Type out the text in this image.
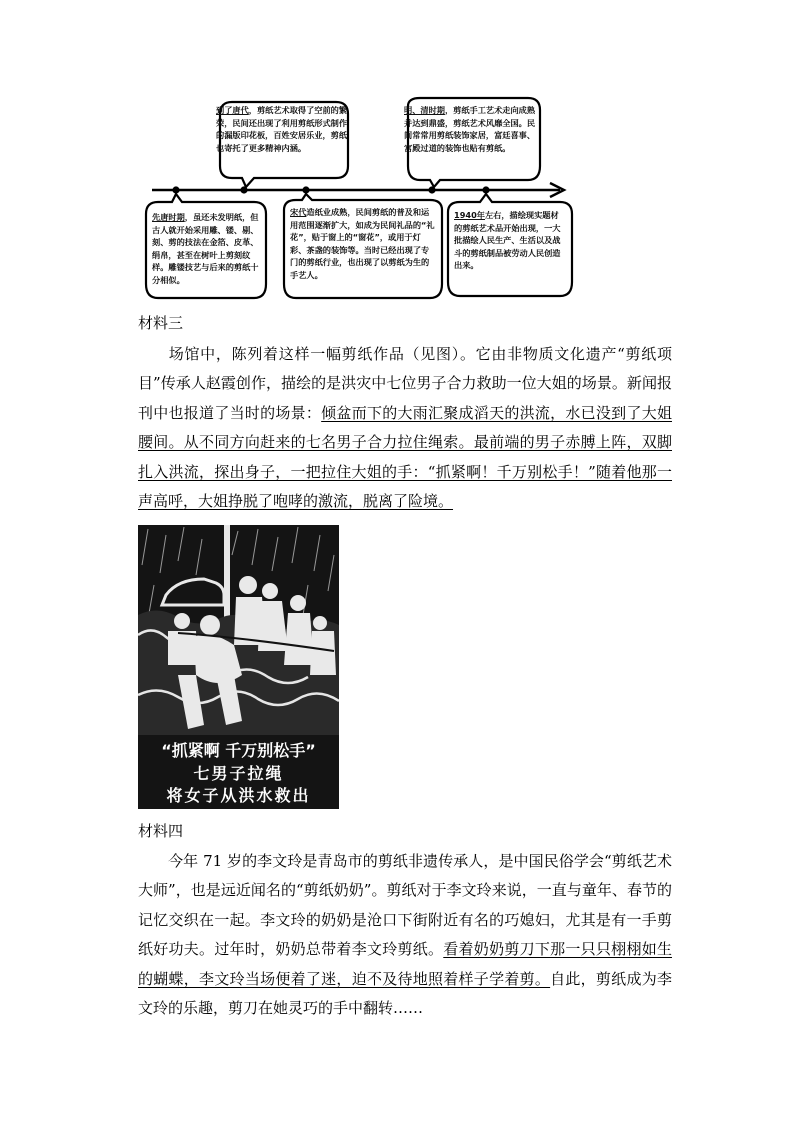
到了唐代，剪纸艺术取得了空前的繁荣，民间还出现了利用剪纸形式制作的漏版印花板，百姓安居乐业，剪纸也寄托了更多精神内涵。
明、清时期，剪纸手工艺术走向成熟并达到鼎盛，剪纸艺术风靡全国。民间常常用剪纸装饰家居，富廷喜事、宫殿过道的装饰也贴有剪纸。
先唐时期，虽还未发明纸，但古人就开始采用雕、镂、剔、刻、剪的技法在金箔、皮革、绢帛，甚至在树叶上剪刻纹样。雕镂技艺与后来的剪纸十分相似。
宋代造纸业成熟，民间剪纸的普及和运用范围逐渐扩大，如成为民间礼品的“礼花”，贴于窗上的“窗花”，或用于灯彩、茶盏的装饰等。当时已经出现了专门的剪纸行业，也出现了以剪纸为生的手艺人。
1940年左右，描绘现实题材的剪纸艺术品开始出现，一大批描绘人民生产、生活以及战斗的剪纸制品被劳动人民创造出来。
材料三
场馆中，陈列着这样一幅剪纸作品（见图）。它由非物质文化遗产“剪纸项目”传承人赵霞创作，描绘的是洪灾中七位男子合力救助一位大姐的场景。新闻报刊中也报道了当时的场景：倾盆而下的大雨汇聚成滔天的洪流，水已没到了大姐腰间。从不同方向赶来的七名男子合力拉住绳索。最前端的男子赤膊上阵，双脚扎入洪流，探出身子，一把拉住大姐的手：“抓紧啊！千万别松手！”随着他那一声高呼，大姐挣脱了咆哮的激流，脱离了险境。
“抓紧啊 千万别松手”
七男子拉绳
将女子从洪水救出
材料四
今年 71 岁的李文玲是青岛市的剪纸非遗传承人，是中国民俗学会“剪纸艺术大师”，也是远近闻名的“剪纸奶奶”。剪纸对于李文玲来说，一直与童年、春节的记忆交织在一起。李文玲的奶奶是沧口下街附近有名的巧媳妇，尤其是有一手剪纸好功夫。过年时，奶奶总带着李文玲剪纸。看着奶奶剪刀下那一只只栩栩如生的蝴蝶，李文玲当场便着了迷，迫不及待地照着样子学着剪。自此，剪纸成为李文玲的乐趣，剪刀在她灵巧的手中翻转……
